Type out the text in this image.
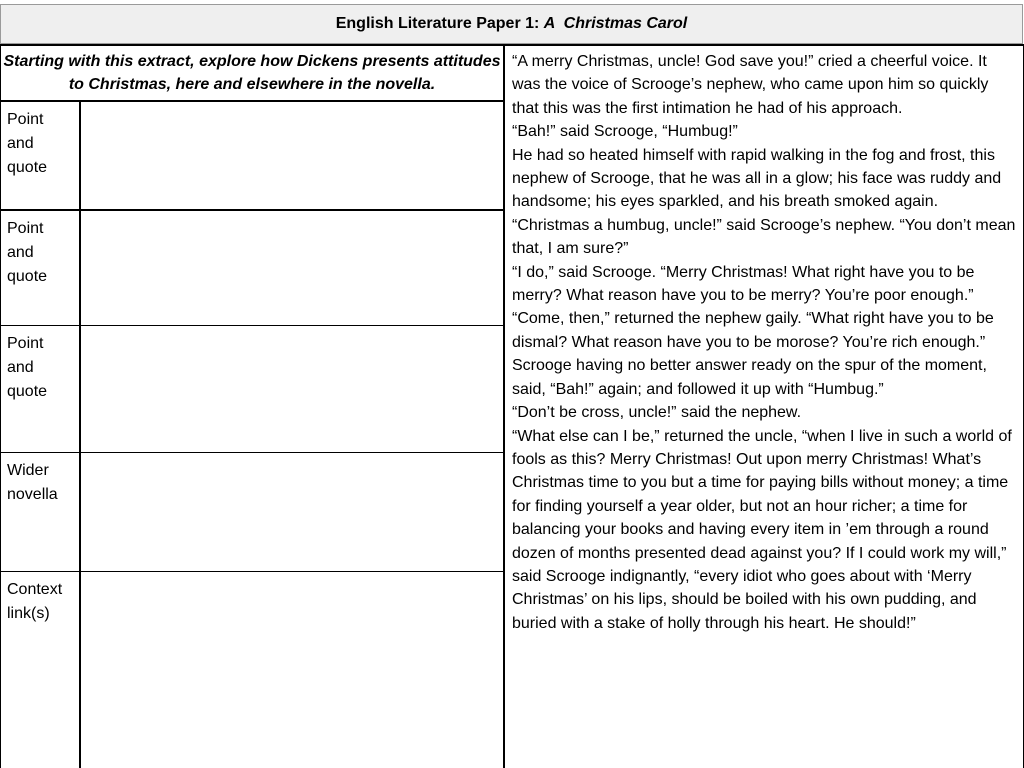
English Literature Paper 1: A  Christmas Carol
Starting with this extract, explore how Dickens presents attitudes to Christmas, here and elsewhere in the novella.
Point
and
quote
Point
and
quote
Point
and
quote
Wider
novella
Context
link(s)

“A merry Christmas, uncle! God save you!” cried a cheerful voice. It was the voice of Scrooge’s nephew, who came upon him so quickly that this was the first intimation he had of his approach.

“Bah!” said Scrooge, “Humbug!”

He had so heated himself with rapid walking in the fog and frost, this nephew of Scrooge, that he was all in a glow; his face was ruddy and handsome; his eyes sparkled, and his breath smoked again.

“Christmas a humbug, uncle!” said Scrooge’s nephew. “You don’t mean that, I am sure?”

“I do,” said Scrooge. “Merry Christmas! What right have you to be merry? What reason have you to be merry? You’re poor enough.”

“Come, then,” returned the nephew gaily. “What right have you to be dismal? What reason have you to be morose? You’re rich enough.”

Scrooge having no better answer ready on the spur of the moment, said, “Bah!” again; and followed it up with “Humbug.”

“Don’t be cross, uncle!” said the nephew.

“What else can I be,” returned the uncle, “when I live in such a world of fools as this? Merry Christmas! Out upon merry Christmas! What’s Christmas time to you but a time for paying bills without money; a time for finding yourself a year older, but not an hour richer; a time for balancing your books and having every item in ’em through a round dozen of months presented dead against you? If I could work my will,” said Scrooge indignantly, “every idiot who goes about with ‘Merry Christmas’ on his lips, should be boiled with his own pudding, and buried with a stake of holly through his heart. He should!”
